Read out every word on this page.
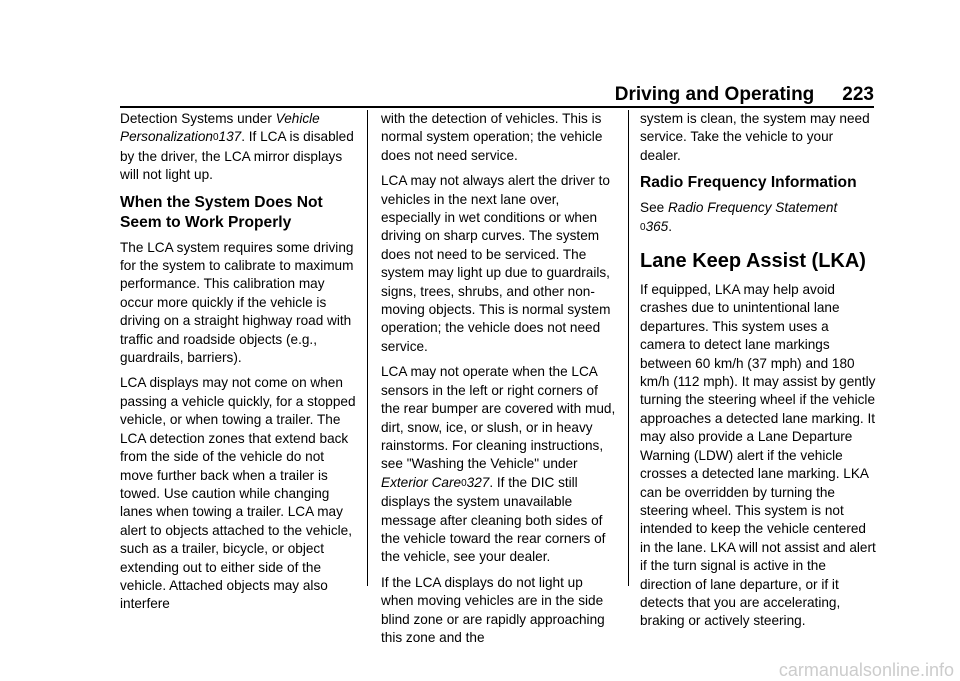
Driving and Operating 223

Detection Systems under Vehicle Personalization0137. If LCA is disabled by the driver, the LCA mirror displays will not light up.

When the System Does Not Seem to Work Properly

The LCA system requires some driving for the system to calibrate to maximum performance. This calibration may occur more quickly if the vehicle is driving on a straight highway road with traffic and roadside objects (e.g., guardrails, barriers).

LCA displays may not come on when passing a vehicle quickly, for a stopped vehicle, or when towing a trailer. The LCA detection zones that extend back from the side of the vehicle do not move further back when a trailer is towed. Use caution while changing lanes when towing a trailer. LCA may alert to objects attached to the vehicle, such as a trailer, bicycle, or object extending out to either side of the vehicle. Attached objects may also interfere

with the detection of vehicles. This is normal system operation; the vehicle does not need service.

LCA may not always alert the driver to vehicles in the next lane over, especially in wet conditions or when driving on sharp curves. The system does not need to be serviced. The system may light up due to guardrails, signs, trees, shrubs, and other non-moving objects. This is normal system operation; the vehicle does not need service.

LCA may not operate when the LCA sensors in the left or right corners of the rear bumper are covered with mud, dirt, snow, ice, or slush, or in heavy rainstorms. For cleaning instructions, see "Washing the Vehicle" under Exterior Care0327. If the DIC still displays the system unavailable message after cleaning both sides of the vehicle toward the rear corners of the vehicle, see your dealer.

If the LCA displays do not light up when moving vehicles are in the side blind zone or are rapidly approaching this zone and the

system is clean, the system may need service. Take the vehicle to your dealer.

Radio Frequency Information

See Radio Frequency Statement
0365.

Lane Keep Assist (LKA)

If equipped, LKA may help avoid crashes due to unintentional lane departures. This system uses a camera to detect lane markings between 60 km/h (37 mph) and 180 km/h (112 mph). It may assist by gently turning the steering wheel if the vehicle approaches a detected lane marking. It may also provide a Lane Departure Warning (LDW) alert if the vehicle crosses a detected lane marking. LKA can be overridden by turning the steering wheel. This system is not intended to keep the vehicle centered in the lane. LKA will not assist and alert if the turn signal is active in the direction of lane departure, or if it detects that you are accelerating, braking or actively steering.

carmanualsonline.info
